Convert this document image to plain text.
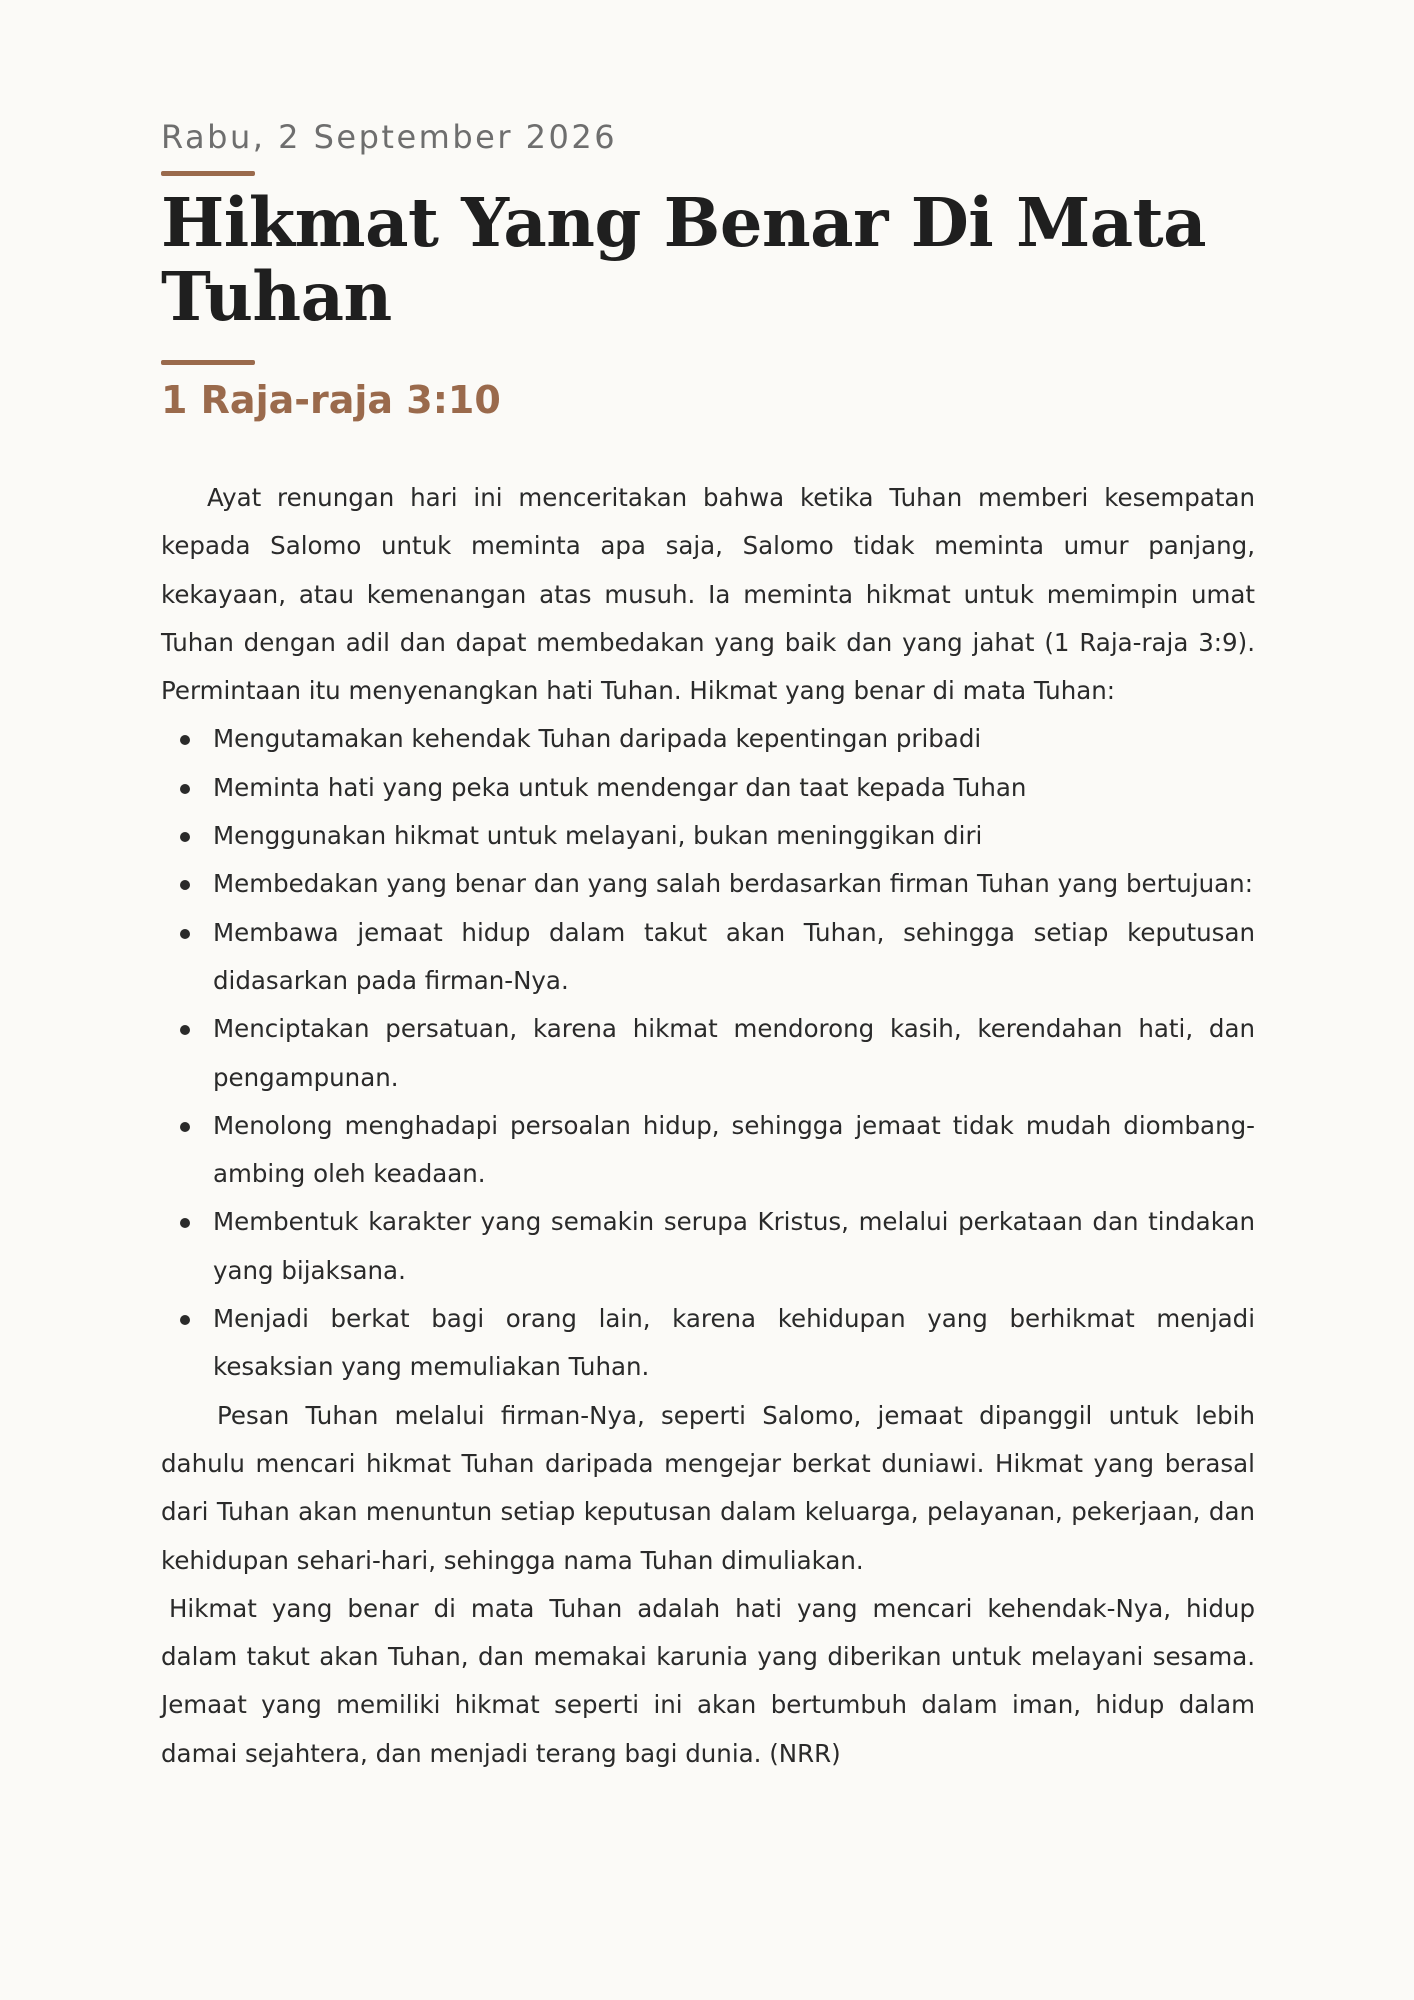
Rabu, 2 September 2026
Hikmat Yang Benar Di Mata Tuhan
1 Raja-raja 3:10

Ayat renungan hari ini menceritakan bahwa ketika Tuhan memberi kesempatan kepada Salomo untuk meminta apa saja, Salomo tidak meminta umur panjang, kekayaan, atau kemenangan atas musuh. Ia meminta hikmat untuk memimpin umat Tuhan dengan adil dan dapat membedakan yang baik dan yang jahat (1 Raja-raja 3:9). Permintaan itu menyenangkan hati Tuhan. Hikmat yang benar di mata Tuhan:

Mengutamakan kehendak Tuhan daripada kepentingan pribadi
Meminta hati yang peka untuk mendengar dan taat kepada Tuhan
Menggunakan hikmat untuk melayani, bukan meninggikan diri
Membedakan yang benar dan yang salah berdasarkan firman Tuhan yang bertujuan:
Membawa jemaat hidup dalam takut akan Tuhan, sehingga setiap keputusan didasarkan pada firman-Nya.
Menciptakan persatuan, karena hikmat mendorong kasih, kerendahan hati, dan pengampunan.
Menolong menghadapi persoalan hidup, sehingga jemaat tidak mudah diombang-ambing oleh keadaan.
Membentuk karakter yang semakin serupa Kristus, melalui perkataan dan tindakan yang bijaksana.
Menjadi berkat bagi orang lain, karena kehidupan yang berhikmat menjadi kesaksian yang memuliakan Tuhan.

Pesan Tuhan melalui firman-Nya, seperti Salomo, jemaat dipanggil untuk lebih dahulu mencari hikmat Tuhan daripada mengejar berkat duniawi. Hikmat yang berasal dari Tuhan akan menuntun setiap keputusan dalam keluarga, pelayanan, pekerjaan, dan kehidupan sehari-hari, sehingga nama Tuhan dimuliakan.

Hikmat yang benar di mata Tuhan adalah hati yang mencari kehendak-Nya, hidup dalam takut akan Tuhan, dan memakai karunia yang diberikan untuk melayani sesama. Jemaat yang memiliki hikmat seperti ini akan bertumbuh dalam iman, hidup dalam damai sejahtera, dan menjadi terang bagi dunia. (NRR)
